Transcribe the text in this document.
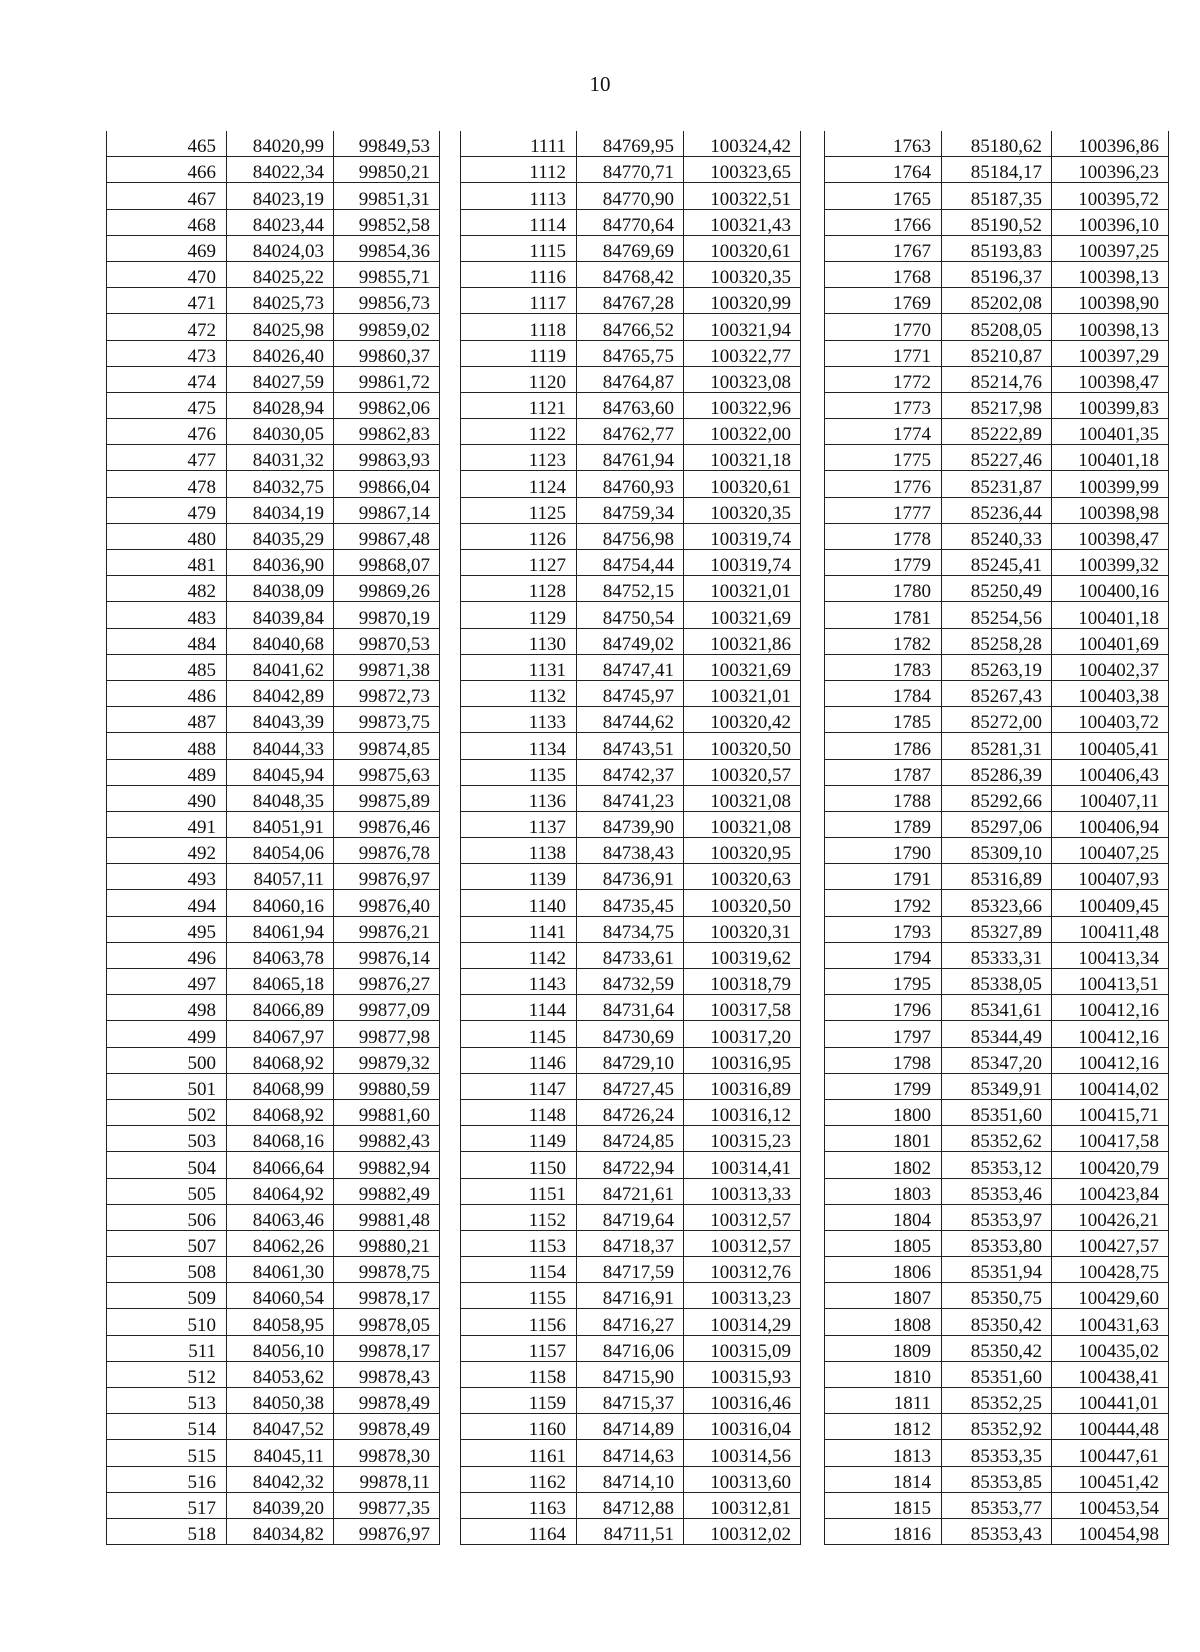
10
465	84020,99	99849,53
466	84022,34	99850,21
467	84023,19	99851,31
468	84023,44	99852,58
469	84024,03	99854,36
470	84025,22	99855,71
471	84025,73	99856,73
472	84025,98	99859,02
473	84026,40	99860,37
474	84027,59	99861,72
475	84028,94	99862,06
476	84030,05	99862,83
477	84031,32	99863,93
478	84032,75	99866,04
479	84034,19	99867,14
480	84035,29	99867,48
481	84036,90	99868,07
482	84038,09	99869,26
483	84039,84	99870,19
484	84040,68	99870,53
485	84041,62	99871,38
486	84042,89	99872,73
487	84043,39	99873,75
488	84044,33	99874,85
489	84045,94	99875,63
490	84048,35	99875,89
491	84051,91	99876,46
492	84054,06	99876,78
493	84057,11	99876,97
494	84060,16	99876,40
495	84061,94	99876,21
496	84063,78	99876,14
497	84065,18	99876,27
498	84066,89	99877,09
499	84067,97	99877,98
500	84068,92	99879,32
501	84068,99	99880,59
502	84068,92	99881,60
503	84068,16	99882,43
504	84066,64	99882,94
505	84064,92	99882,49
506	84063,46	99881,48
507	84062,26	99880,21
508	84061,30	99878,75
509	84060,54	99878,17
510	84058,95	99878,05
511	84056,10	99878,17
512	84053,62	99878,43
513	84050,38	99878,49
514	84047,52	99878,49
515	84045,11	99878,30
516	84042,32	99878,11
517	84039,20	99877,35
518	84034,82	99876,97
1111	84769,95	100324,42
1112	84770,71	100323,65
1113	84770,90	100322,51
1114	84770,64	100321,43
1115	84769,69	100320,61
1116	84768,42	100320,35
1117	84767,28	100320,99
1118	84766,52	100321,94
1119	84765,75	100322,77
1120	84764,87	100323,08
1121	84763,60	100322,96
1122	84762,77	100322,00
1123	84761,94	100321,18
1124	84760,93	100320,61
1125	84759,34	100320,35
1126	84756,98	100319,74
1127	84754,44	100319,74
1128	84752,15	100321,01
1129	84750,54	100321,69
1130	84749,02	100321,86
1131	84747,41	100321,69
1132	84745,97	100321,01
1133	84744,62	100320,42
1134	84743,51	100320,50
1135	84742,37	100320,57
1136	84741,23	100321,08
1137	84739,90	100321,08
1138	84738,43	100320,95
1139	84736,91	100320,63
1140	84735,45	100320,50
1141	84734,75	100320,31
1142	84733,61	100319,62
1143	84732,59	100318,79
1144	84731,64	100317,58
1145	84730,69	100317,20
1146	84729,10	100316,95
1147	84727,45	100316,89
1148	84726,24	100316,12
1149	84724,85	100315,23
1150	84722,94	100314,41
1151	84721,61	100313,33
1152	84719,64	100312,57
1153	84718,37	100312,57
1154	84717,59	100312,76
1155	84716,91	100313,23
1156	84716,27	100314,29
1157	84716,06	100315,09
1158	84715,90	100315,93
1159	84715,37	100316,46
1160	84714,89	100316,04
1161	84714,63	100314,56
1162	84714,10	100313,60
1163	84712,88	100312,81
1164	84711,51	100312,02
1763	85180,62	100396,86
1764	85184,17	100396,23
1765	85187,35	100395,72
1766	85190,52	100396,10
1767	85193,83	100397,25
1768	85196,37	100398,13
1769	85202,08	100398,90
1770	85208,05	100398,13
1771	85210,87	100397,29
1772	85214,76	100398,47
1773	85217,98	100399,83
1774	85222,89	100401,35
1775	85227,46	100401,18
1776	85231,87	100399,99
1777	85236,44	100398,98
1778	85240,33	100398,47
1779	85245,41	100399,32
1780	85250,49	100400,16
1781	85254,56	100401,18
1782	85258,28	100401,69
1783	85263,19	100402,37
1784	85267,43	100403,38
1785	85272,00	100403,72
1786	85281,31	100405,41
1787	85286,39	100406,43
1788	85292,66	100407,11
1789	85297,06	100406,94
1790	85309,10	100407,25
1791	85316,89	100407,93
1792	85323,66	100409,45
1793	85327,89	100411,48
1794	85333,31	100413,34
1795	85338,05	100413,51
1796	85341,61	100412,16
1797	85344,49	100412,16
1798	85347,20	100412,16
1799	85349,91	100414,02
1800	85351,60	100415,71
1801	85352,62	100417,58
1802	85353,12	100420,79
1803	85353,46	100423,84
1804	85353,97	100426,21
1805	85353,80	100427,57
1806	85351,94	100428,75
1807	85350,75	100429,60
1808	85350,42	100431,63
1809	85350,42	100435,02
1810	85351,60	100438,41
1811	85352,25	100441,01
1812	85352,92	100444,48
1813	85353,35	100447,61
1814	85353,85	100451,42
1815	85353,77	100453,54
1816	85353,43	100454,98
